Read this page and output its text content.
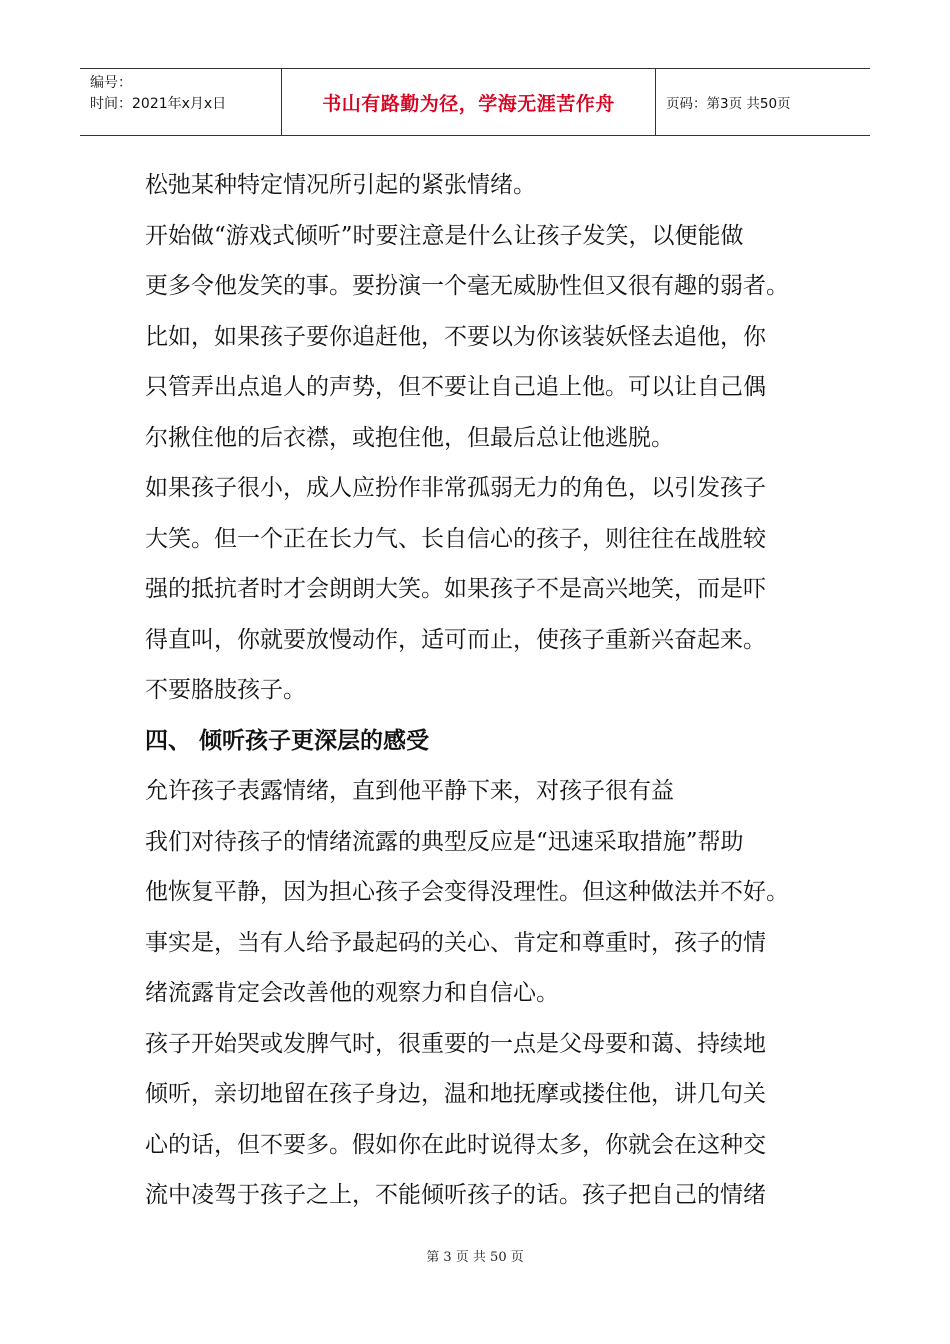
编号：
时间：2021年x月x日	书山有路勤为径，学海无涯苦作舟	页码：第3页 共50页
松弛某种特定情况所引起的紧张情绪。
开始做“游戏式倾听”时要注意是什么让孩子发笑，以便能做
更多令他发笑的事。要扮演一个毫无威胁性但又很有趣的弱者。
比如，如果孩子要你追赶他，不要以为你该装妖怪去追他，你
只管弄出点追人的声势，但不要让自己追上他。可以让自己偶
尔揪住他的后衣襟，或抱住他，但最后总让他逃脱。
如果孩子很小，成人应扮作非常孤弱无力的角色，以引发孩子
大笑。但一个正在长力气、长自信心的孩子，则往往在战胜较
强的抵抗者时才会朗朗大笑。如果孩子不是高兴地笑，而是吓
得直叫，你就要放慢动作，适可而止，使孩子重新兴奋起来。
不要胳肢孩子。
四、 倾听孩子更深层的感受
允许孩子表露情绪，直到他平静下来，对孩子很有益
我们对待孩子的情绪流露的典型反应是“迅速采取措施”帮助
他恢复平静，因为担心孩子会变得没理性。但这种做法并不好。
事实是，当有人给予最起码的关心、肯定和尊重时，孩子的情
绪流露肯定会改善他的观察力和自信心。
孩子开始哭或发脾气时，很重要的一点是父母要和蔼、持续地
倾听，亲切地留在孩子身边，温和地抚摩或搂住他，讲几句关
心的话，但不要多。假如你在此时说得太多，你就会在这种交
流中凌驾于孩子之上，不能倾听孩子的话。孩子把自己的情绪
第 3 页 共 50 页
